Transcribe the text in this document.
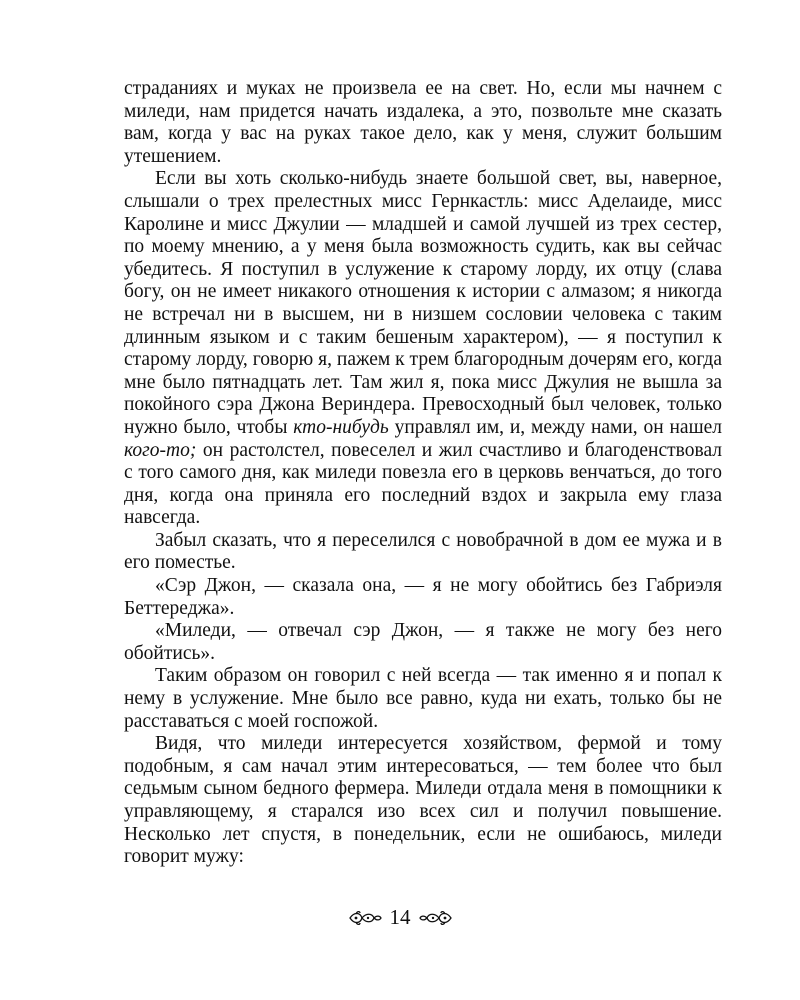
страданиях и муках не произвела ее на свет. Но, если мы начнем с миледи, нам придется начать издалека, а это, позвольте мне сказать вам, когда у вас на руках такое дело, как у меня, служит большим утешением.

Если вы хоть сколько-нибудь знаете большой свет, вы, наверное, слышали о трех прелестных мисс Гернкастль: мисс Аделаиде, мисс Каролине и мисс Джулии — младшей и самой лучшей из трех сестер, по моему мнению, а у меня была возможность судить, как вы сейчас убедитесь. Я поступил в услужение к старому лорду, их отцу (слава богу, он не имеет никакого отношения к истории с алмазом; я никогда не встречал ни в высшем, ни в низшем сословии человека с таким длинным языком и с таким бешеным характером), — я поступил к старому лорду, говорю я, пажем к трем благородным дочерям его, когда мне было пятнадцать лет. Там жил я, пока мисс Джулия не вышла за покойного сэра Джона Вериндера. Превосходный был человек, только нужно было, чтобы кто-нибудь управлял им, и, между нами, он нашел кого-то; он растолстел, повеселел и жил счастливо и благоденствовал с того самого дня, как миледи повезла его в церковь венчаться, до того дня, когда она приняла его последний вздох и закрыла ему глаза навсегда.

Забыл сказать, что я переселился с новобрачной в дом ее мужа и в его поместье.

«Сэр Джон, — сказала она, — я не могу обойтись без Габриэля Беттереджа».

«Миледи, — отвечал сэр Джон, — я также не могу без него обойтись».

Таким образом он говорил с ней всегда — так именно я и попал к нему в услужение. Мне было все равно, куда ни ехать, только бы не расставаться с моей госпожой.

Видя, что миледи интересуется хозяйством, фермой и тому подобным, я сам начал этим интересоваться, — тем более что был седьмым сыном бедного фермера. Миледи отдала меня в помощники к управляющему, я старался изо всех сил и получил повышение. Несколько лет спустя, в понедельник, если не ошибаюсь, миледи говорит мужу:

14
